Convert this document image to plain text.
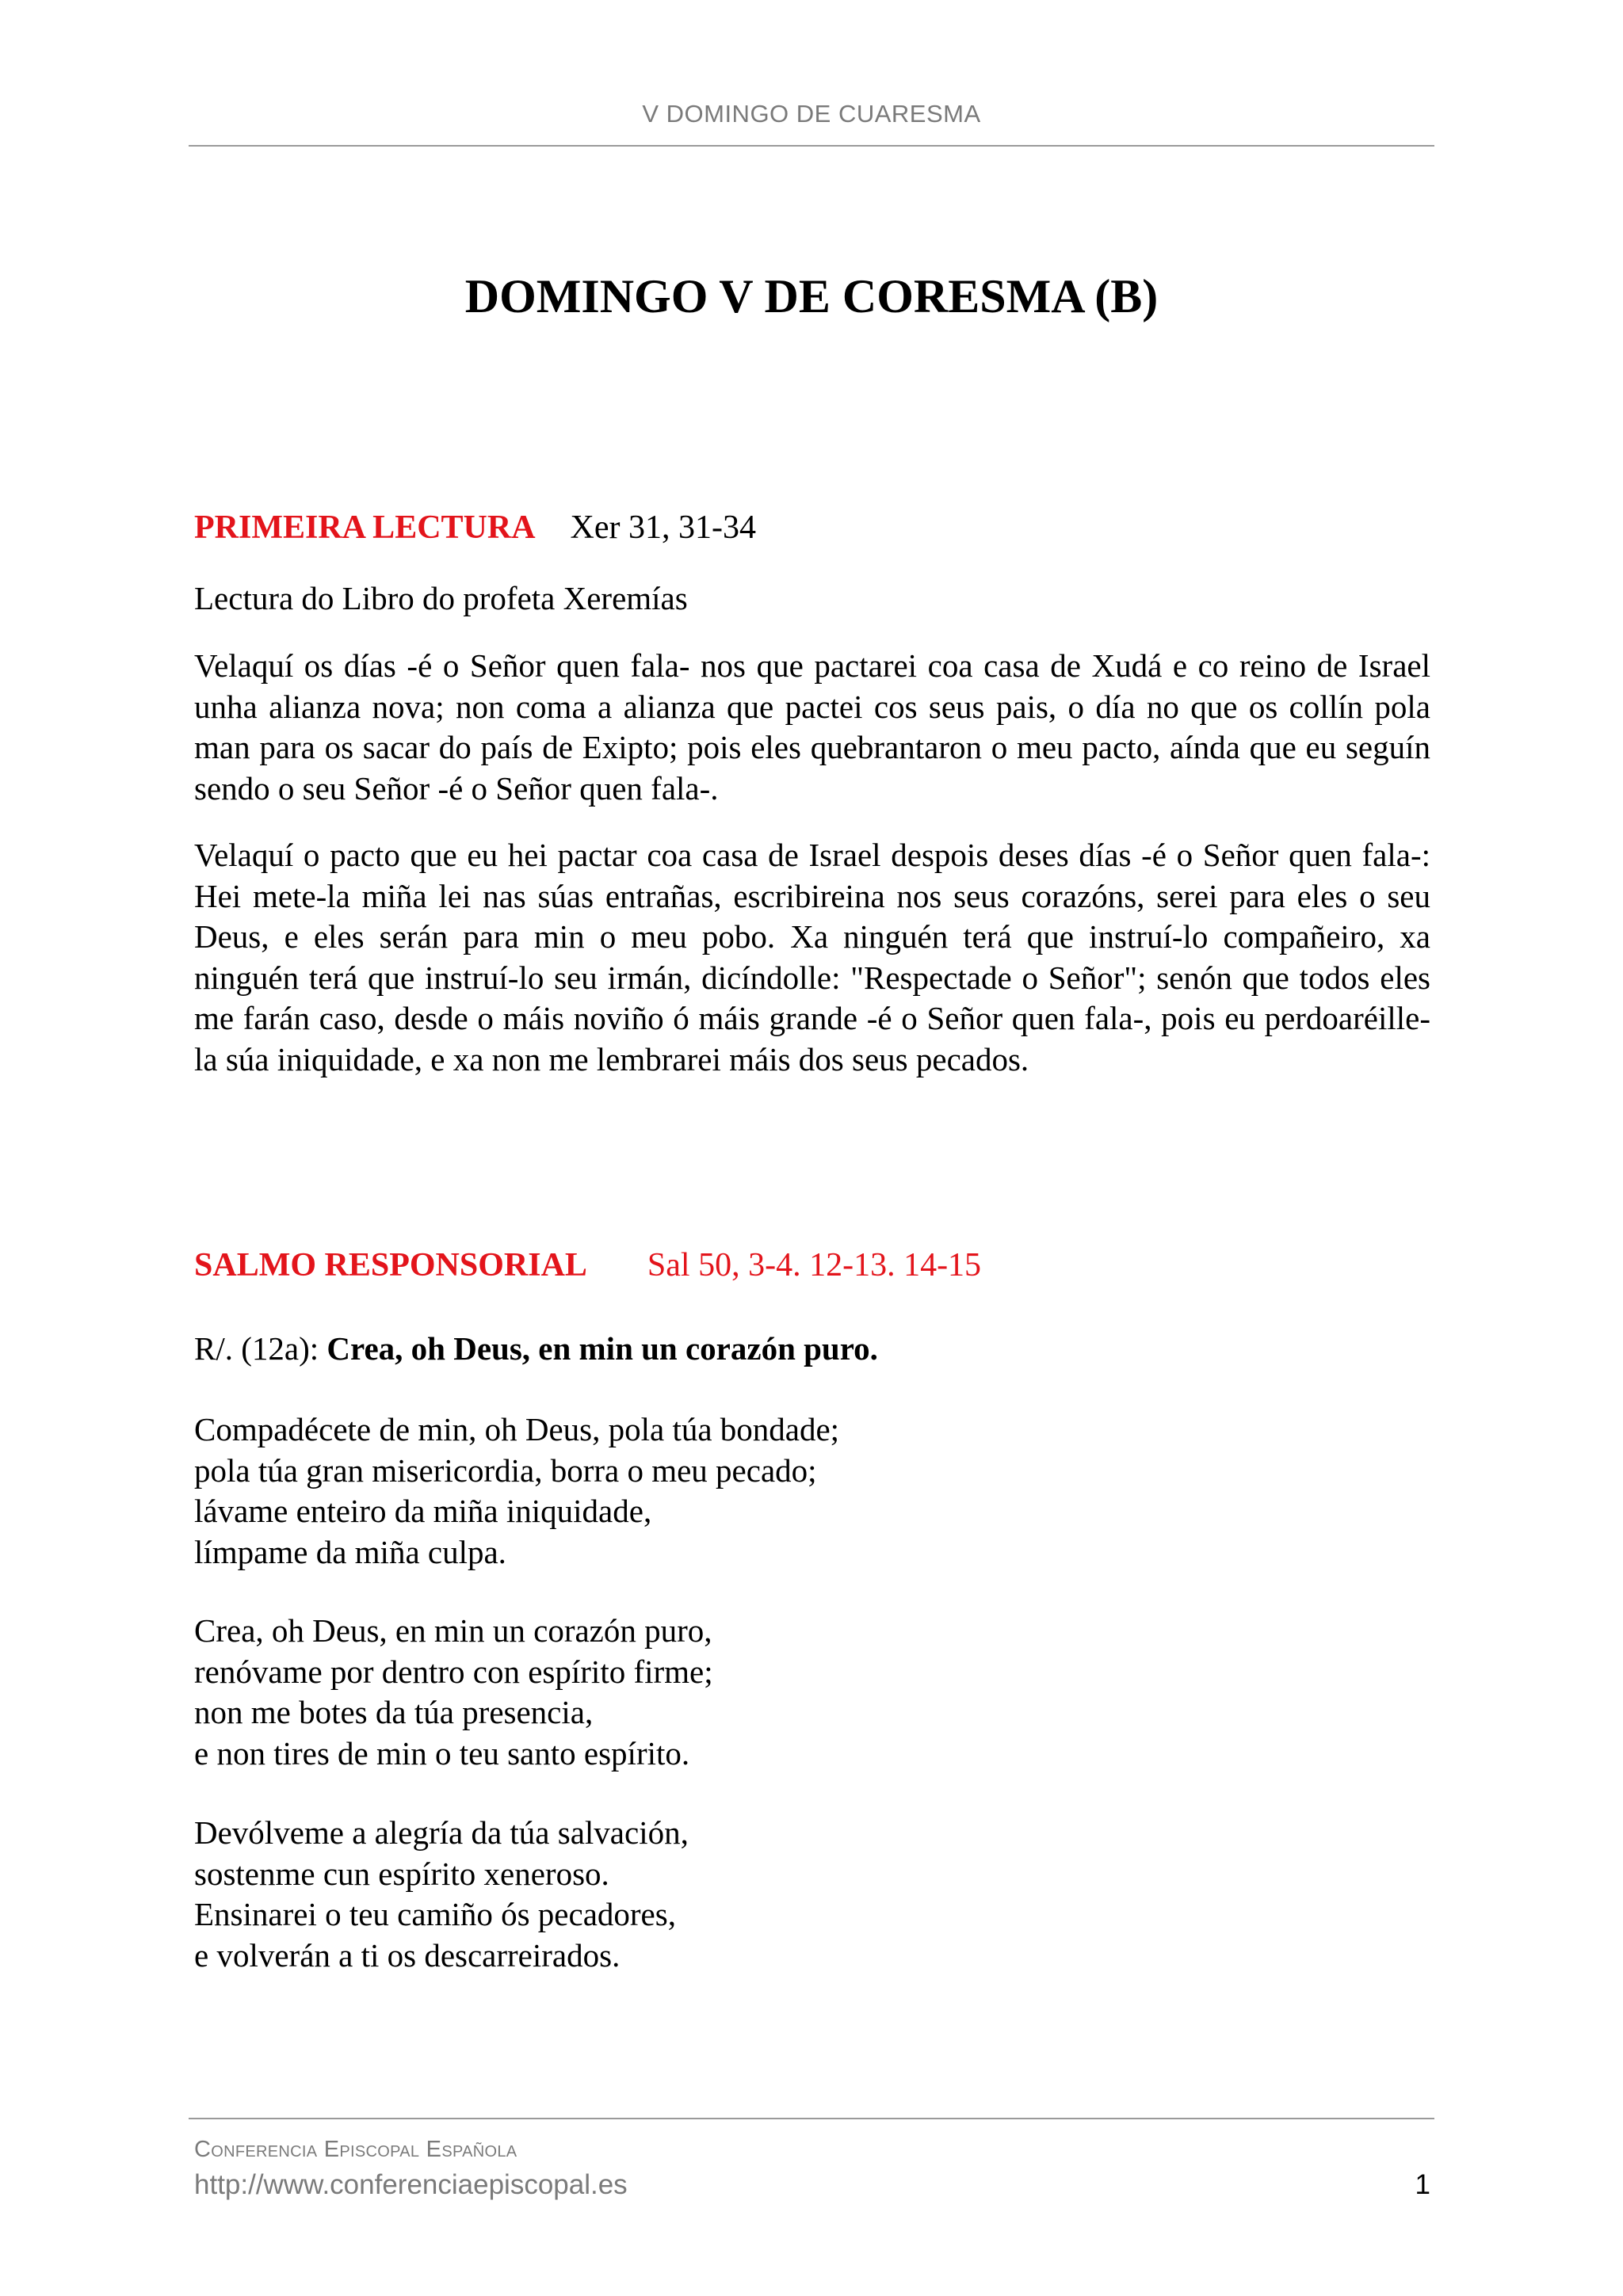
V DOMINGO DE CUARESMA
DOMINGO V DE CORESMA (B)
PRIMEIRA LECTURA Xer 31, 31-34

Lectura do Libro do profeta Xeremías

Velaquí os días -é o Señor quen fala- nos que pactarei coa casa de Xudá e co reino de Israel unha alianza nova; non coma a alianza que pactei cos seus pais, o día no que os collín pola man para os sacar do país de Exipto; pois eles quebrantaron o meu pacto, aínda que eu seguín sendo o seu Señor -é o Señor quen fala-.

Velaquí o pacto que eu hei pactar coa casa de Israel despois deses días -é o Señor quen fala-: Hei mete-la miña lei nas súas entrañas, escribireina nos seus corazóns, serei para eles o seu Deus, e eles serán para min o meu pobo. Xa ninguén terá que instruí-lo compañeiro, xa ninguén terá que instruí-lo seu irmán, dicíndolle: "Respectade o Señor"; senón que todos eles me farán caso, desde o máis noviño ó máis grande -é o Señor quen fala-, pois eu perdoaréille-la súa iniquidade, e xa non me lembrarei máis dos seus pecados.

SALMO RESPONSORIAL Sal 50, 3-4. 12-13. 14-15

R/. (12a): Crea, oh Deus, en min un corazón puro.

Compadécete de min, oh Deus, pola túa bondade;
pola túa gran misericordia, borra o meu pecado;
lávame enteiro da miña iniquidade,
límpame da miña culpa.
Crea, oh Deus, en min un corazón puro,
renóvame por dentro con espírito firme;
non me botes da túa presencia,
e non tires de min o teu santo espírito.
Devólveme a alegría da túa salvación,
sostenme cun espírito xeneroso.
Ensinarei o teu camiño ós pecadores,
e volverán a ti os descarreirados.
Conferencia Episcopal Española
http://www.conferenciaepiscopal.es	1
